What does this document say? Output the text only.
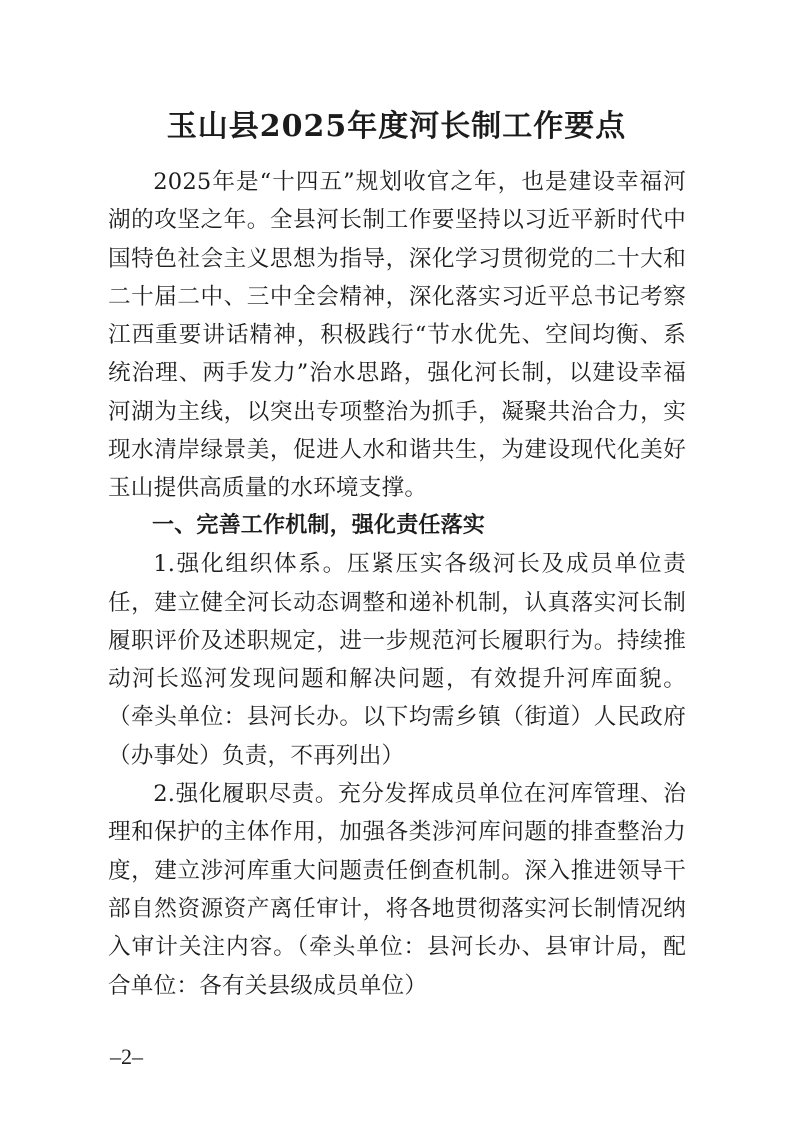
玉山县2025年度河长制工作要点

2025年是“十四五”规划收官之年，也是建设幸福河湖的攻坚之年。全县河长制工作要坚持以习近平新时代中国特色社会主义思想为指导，深化学习贯彻党的二十大和二十届二中、三中全会精神，深化落实习近平总书记考察江西重要讲话精神，积极践行“节水优先、空间均衡、系统治理、两手发力”治水思路，强化河长制，以建设幸福河湖为主线，以突出专项整治为抓手，凝聚共治合力，实现水清岸绿景美，促进人水和谐共生，为建设现代化美好玉山提供高质量的水环境支撑。

一、完善工作机制，强化责任落实

1.强化组织体系。压紧压实各级河长及成员单位责任，建立健全河长动态调整和递补机制，认真落实河长制履职评价及述职规定，进一步规范河长履职行为。持续推动河长巡河发现问题和解决问题，有效提升河库面貌。（牵头单位：县河长办。以下均需乡镇（街道）人民政府（办事处）负责，不再列出）

2.强化履职尽责。充分发挥成员单位在河库管理、治理和保护的主体作用，加强各类涉河库问题的排查整治力度，建立涉河库重大问题责任倒查机制。深入推进领导干部自然资源资产离任审计，将各地贯彻落实河长制情况纳入审计关注内容。（牵头单位：县河长办、县审计局，配合单位：各有关县级成员单位）

–2–
